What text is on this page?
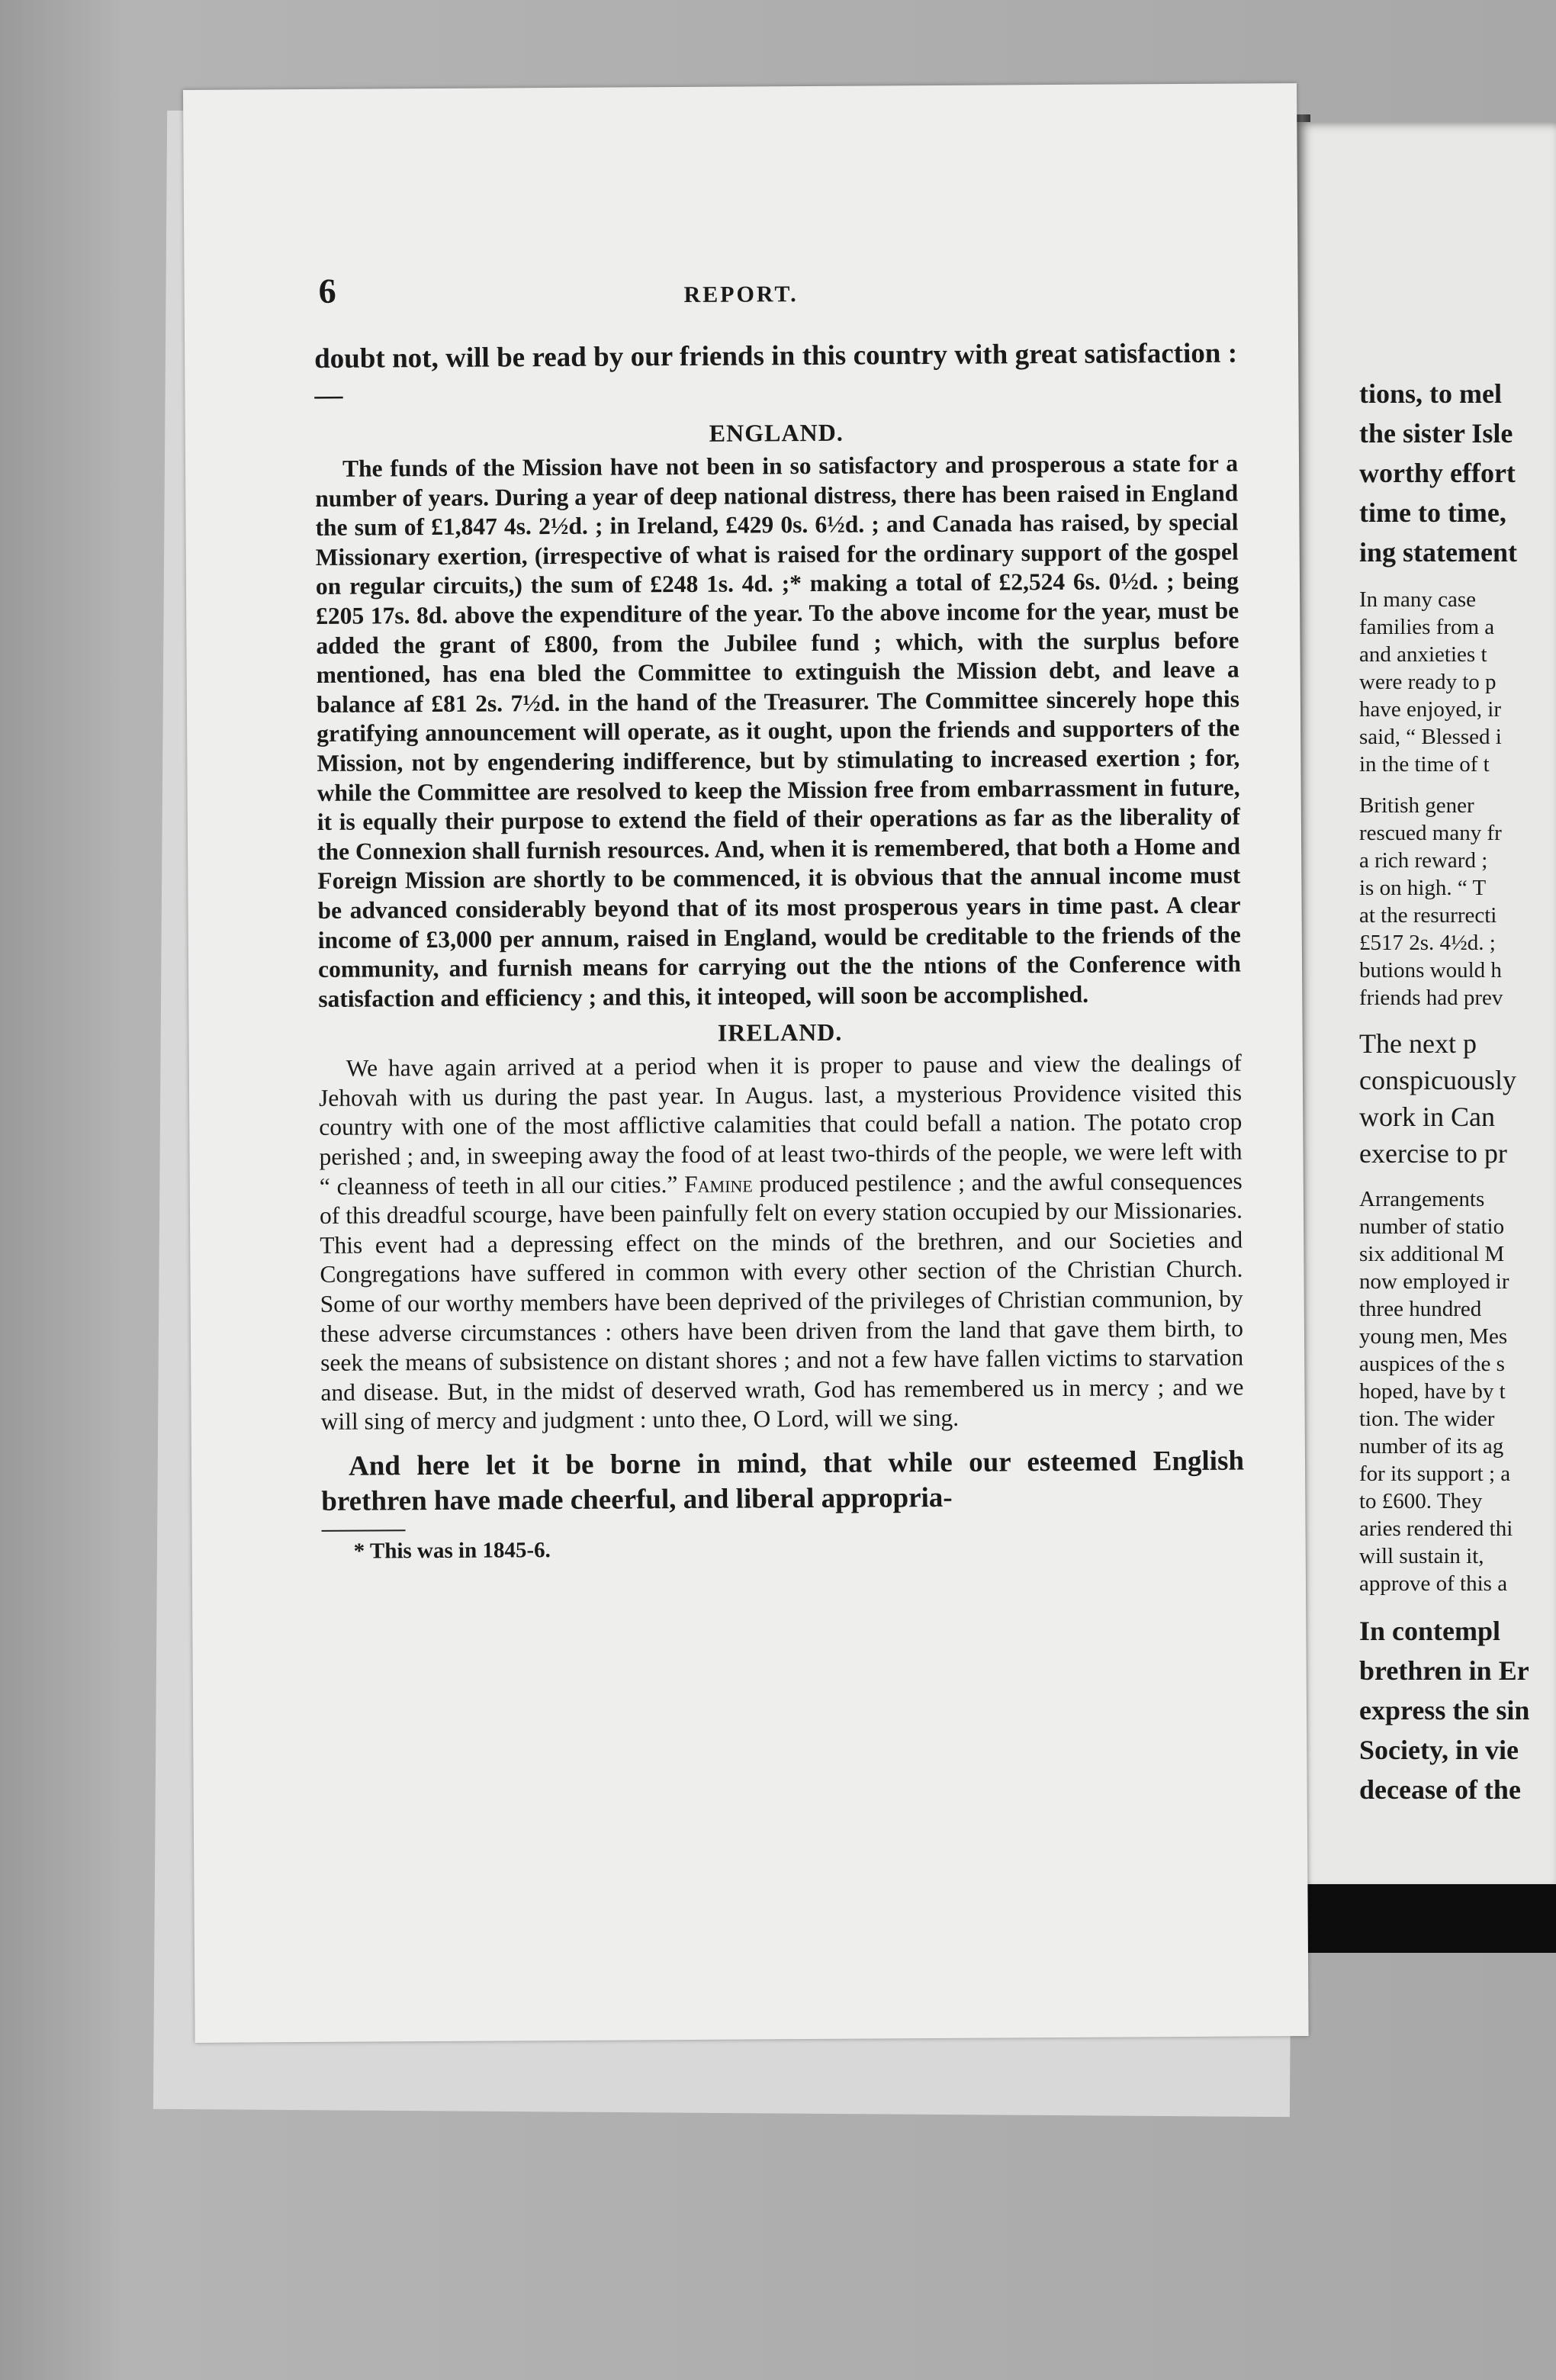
tions, to mel
the sister Isle
worthy effort
time to time,
ing statement
In many case
families from a
and anxieties t
were ready to p
have enjoyed, ir
said, “ Blessed i
in the time of t
British gener
rescued many fr
a rich reward ;
is on high. “ T
at the resurrecti
£517 2s. 4½d. ;
butions would h
friends had prev
The next p
conspicuously
work in Can
exercise to pr
Arrangements
number of statio
six additional M
now employed ir
three hundred
young men, Mes
auspices of the s
hoped, have by t
tion. The wider
number of its ag
for its support ; a
to £600. They
aries rendered thi
will sustain it,
approve of this a
In contempl
brethren in Er
express the sin
Society, in vie
decease of the
6	REPORT.

doubt not, will be read by our friends in this country with great satisfaction :—

ENGLAND.

The funds of the Mission have not been in so satisfactory and prosperous a state for a number of years. During a year of deep national distress, there has been raised in England the sum of £1,847 4s. 2½d. ; in Ireland, £429 0s. 6½d. ; and Canada has raised, by special Missionary exertion, (irrespective of what is raised for the ordinary support of the gospel on regular circuits,) the sum of £248 1s. 4d. ;* making a total of £2,524 6s. 0½d. ; being £205 17s. 8d. above the expenditure of the year. To the above income for the year, must be added the grant of £800, from the Jubilee fund ; which, with the surplus before mentioned, has ena bled the Committee to extinguish the Mission debt, and leave a balance af £81 2s. 7½d. in the hand of the Treasurer. The Committee sincerely hope this gratifying announcement will operate, as it ought, upon the friends and supporters of the Mission, not by engendering indifference, but by stimulating to increased exertion ; for, while the Committee are resolved to keep the Mission free from embarrassment in future, it is equally their purpose to extend the field of their operations as far as the liberality of the Connexion shall furnish resources. And, when it is remembered, that both a Home and Foreign Mission are shortly to be commenced, it is obvious that the annual income must be advanced considerably beyond that of its most prosperous years in time past. A clear income of £3,000 per annum, raised in England, would be creditable to the friends of the community, and furnish means for carrying out the the ntions of the Conference with satisfaction and efficiency ; and this, it inteoped, will soon be accomplished.

IRELAND.

We have again arrived at a period when it is proper to pause and view the dealings of Jehovah with us during the past year. In Augus. last, a mysterious Providence visited this country with one of the most afflictive calamities that could befall a nation. The potato crop perished ; and, in sweeping away the food of at least two-thirds of the people, we were left with “ cleanness of teeth in all our cities.” Famine produced pestilence ; and the awful consequences of this dreadful scourge, have been painfully felt on every station occupied by our Missionaries. This event had a depressing effect on the minds of the brethren, and our Societies and Congregations have suffered in common with every other section of the Christian Church. Some of our worthy members have been deprived of the privileges of Christian communion, by these adverse circumstances : others have been driven from the land that gave them birth, to seek the means of subsistence on distant shores ; and not a few have fallen victims to starvation and disease. But, in the midst of deserved wrath, God has remembered us in mercy ; and we will sing of mercy and judgment : unto thee, O Lord, will we sing.

And here let it be borne in mind, that while our esteemed English brethren have made cheerful, and liberal appropria-

* This was in 1845-6.
